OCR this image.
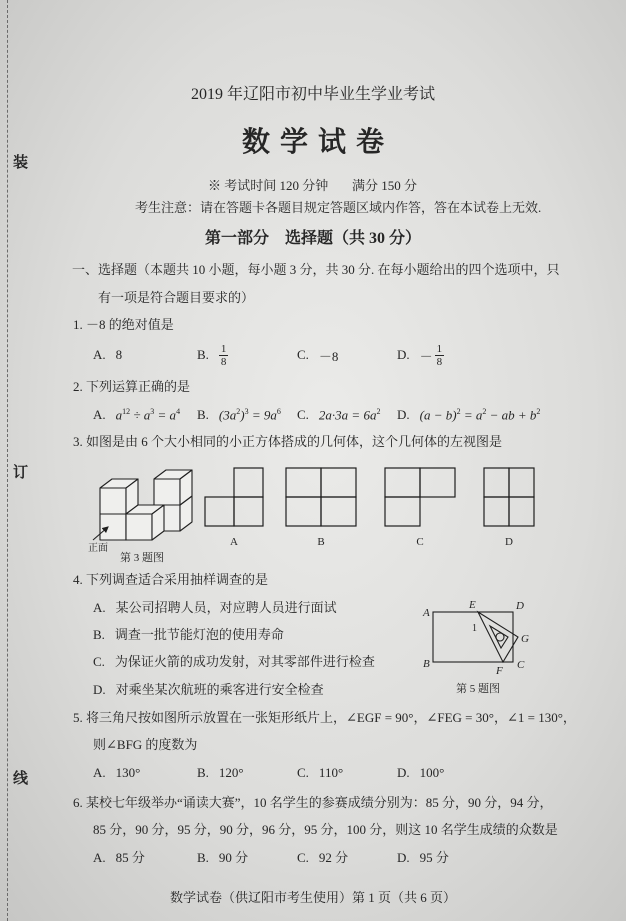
装
订
线
2019 年辽阳市初中毕业生学业考试
数学试卷
※ 考试时间 120 分钟 满分 150 分
考生注意：请在答题卡各题目规定答题区域内作答，答在本试卷上无效.
第一部分　选择题（共 30 分）
一、选择题（本题共 10 小题，每小题 3 分，共 30 分. 在每小题给出的四个选项中，只
有一项是符合题目要求的）
1. －8 的绝对值是
A. 8	B. $\frac{1}{8}$	C. －8	D. － $\frac{1}{8}$
2. 下列运算正确的是
A. $a^{12} \div a^3 = a^4$ B. $(3a^2)^3 = 9a^6$ C. $2a\cdot 3a = 6a^2$ D. $(a - b)^2 = a^2$ − ab + $b^2$
3. 如图是由 6 个大小相同的小正方体搭成的几何体，这个几何体的左视图是
4. 下列调查适合采用抽样调查的是
A. 某公司招聘人员，对应聘人员进行面试
B. 调查一批节能灯泡的使用寿命
C. 为保证火箭的成功发射，对其零部件进行检查
D. 对乘坐某次航班的乘客进行安全检查
5. 将三角尺按如图所示放置在一张矩形纸片上，∠EGF = 90°，∠FEG = 30°，∠1 = 130°，
则∠BFG 的度数为
A. 130°	B. 120°	C. 110°	D. 100°
6. 某校七年级举办“诵读大赛”，10 名学生的参赛成绩分别为：85 分，90 分，94 分，
85 分，90 分，95 分，90 分，96 分，95 分，100 分，则这 10 名学生成绩的众数是
A. 85 分	B. 90 分	C. 92 分	D. 95 分
数学试卷（供辽阳市考生使用） 第 1 页（共 6 页）
正面
第 3 题图
A	B	C	D
A
D
B	C
E
G
F
1
第 5 题图
